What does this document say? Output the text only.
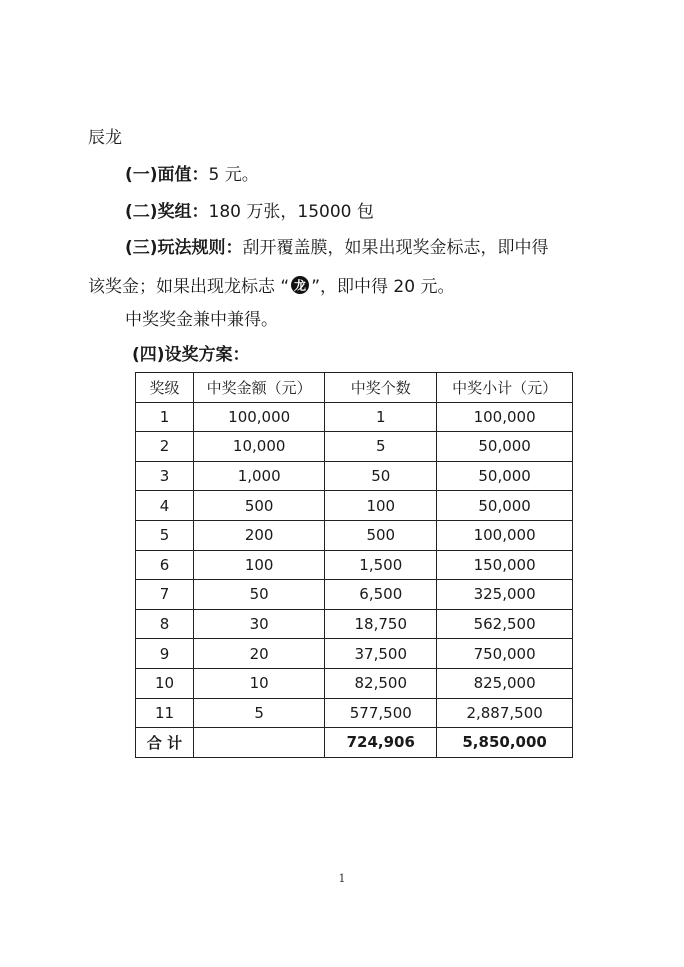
辰龙
(一)面值：5 元。
(二)奖组：180 万张，15000 包
(三)玩法规则：刮开覆盖膜，如果出现奖金标志，即中得
该奖金；如果出现龙标志 “ 龙 ”，即中得 20 元。
中奖奖金兼中兼得。
(四)设奖方案：
奖级	中奖金额（元）	中奖个数	中奖小计（元）
1	100,000	1	100,000
2	10,000	5	50,000
3	1,000	50	50,000
4	500	100	50,000
5	200	500	100,000
6	100	1,500	150,000
7	50	6,500	325,000
8	30	18,750	562,500
9	20	37,500	750,000
10	10	82,500	825,000
11	5	577,500	2,887,500
合 计		724,906	5,850,000
1
